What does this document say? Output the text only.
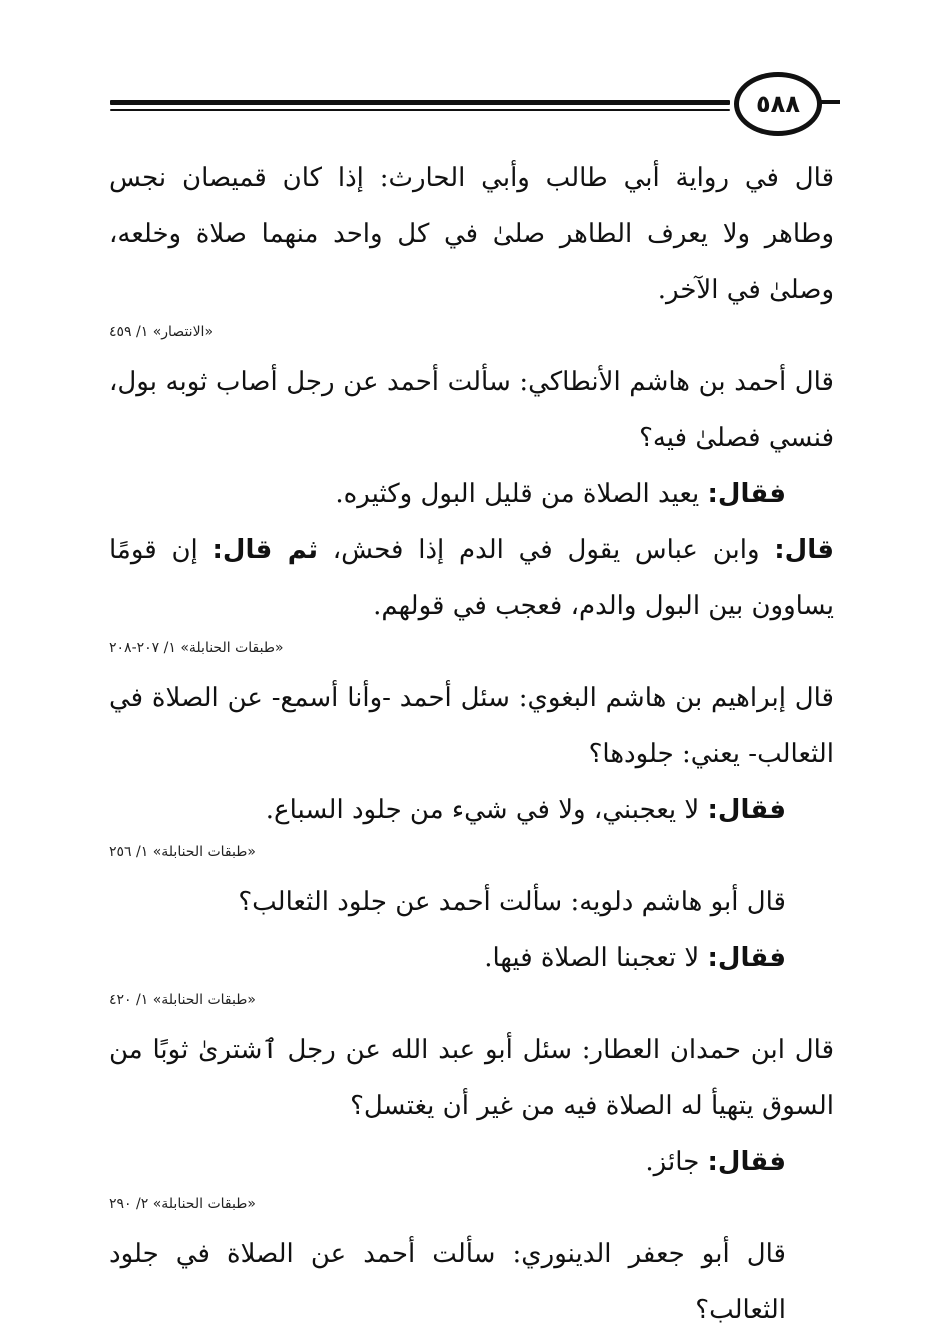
٥٨٨

قال في رواية أبي طالب وأبي الحارث: إذا كان قميصان نجس وطاهر ولا يعرف الطاهر صلىٰ في كل واحد منهما صلاة وخلعه، وصلىٰ في الآخر.

«الانتصار» ١/ ٤٥٩

قال أحمد بن هاشم الأنطاكي: سألت أحمد عن رجل أصاب ثوبه بول، فنسي فصلىٰ فيه؟

فقال: يعيد الصلاة من قليل البول وكثيره.

قال: وابن عباس يقول في الدم إذا فحش، ثم قال: إن قومًا يساوون بين البول والدم، فعجب في قولهم.

«طبقات الحنابلة» ١/ ٢٠٧-٢٠٨

قال إبراهيم بن هاشم البغوي: سئل أحمد -وأنا أسمع- عن الصلاة في الثعالب- يعني: جلودها؟

فقال: لا يعجبني، ولا في شيء من جلود السباع.

«طبقات الحنابلة» ١/ ٢٥٦

قال أبو هاشم دلويه: سألت أحمد عن جلود الثعالب؟

فقال: لا تعجبنا الصلاة فيها.

«طبقات الحنابلة» ١/ ٤٢٠

قال ابن حمدان العطار: سئل أبو عبد الله عن رجل ٱشترىٰ ثوبًا من السوق يتهيأ له الصلاة فيه من غير أن يغتسل؟

فقال: جائز.

«طبقات الحنابلة» ٢/ ٢٩٠

قال أبو جعفر الدينوري: سألت أحمد عن الصلاة في جلود الثعالب؟
